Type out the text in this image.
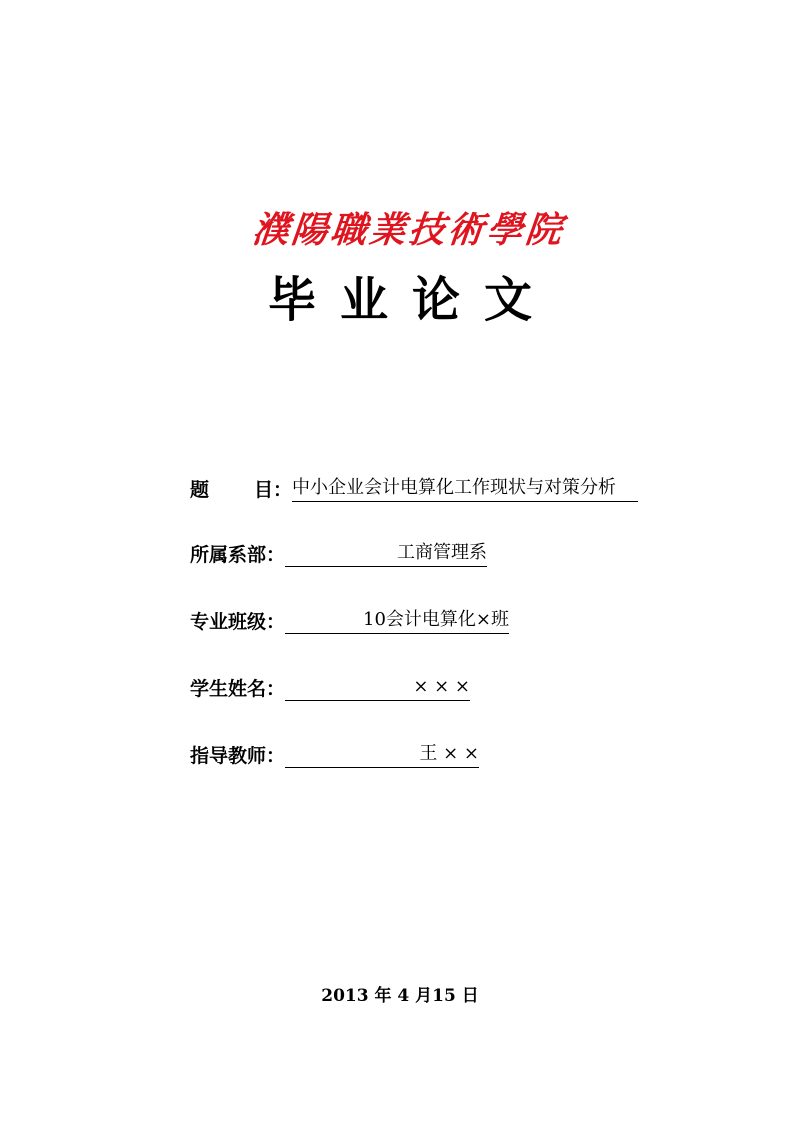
濮陽職業技術學院
毕业论文
题 目： 中小企业会计电算化工作现状与对策分析
所属系部：	工商管理系
专业班级：	10会计电算化×班
学生姓名：	× × ×
指导教师：	王 × ×
2013 年 4 月15 日
